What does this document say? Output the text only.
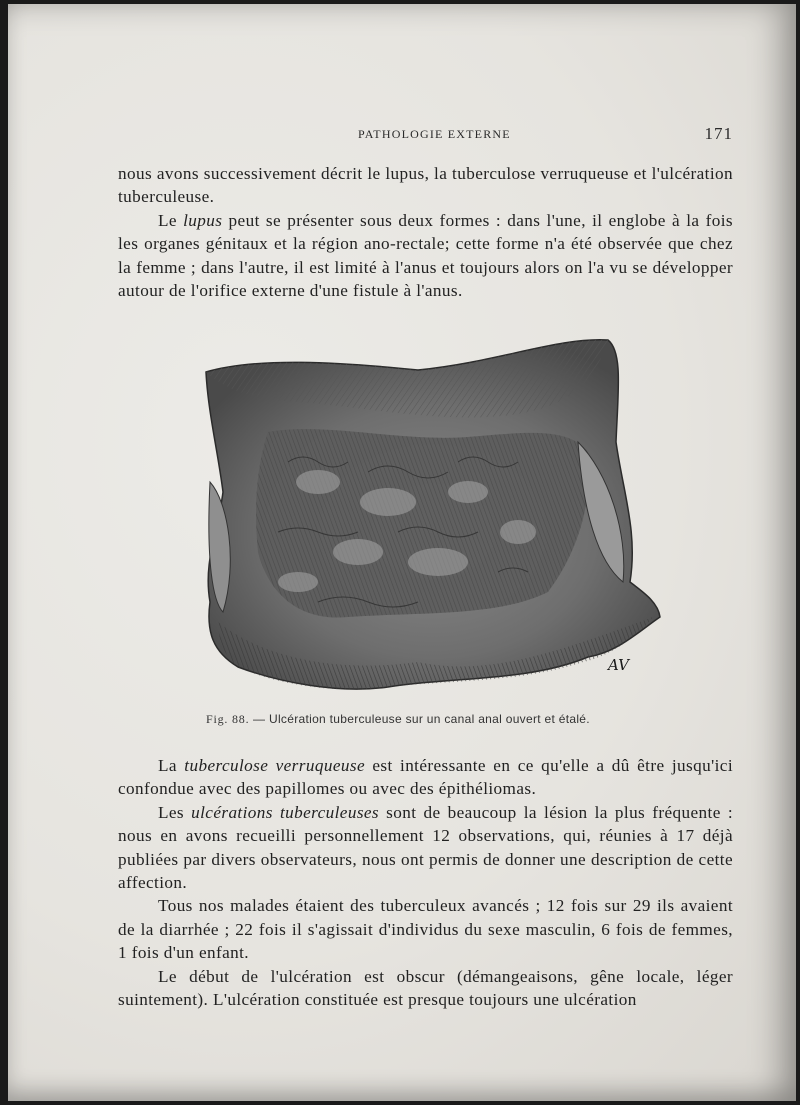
PATHOLOGIE EXTERNE	171

nous avons successivement décrit le lupus, la tuberculose verruqueuse et l'ulcération tuberculeuse.

Le lupus peut se présenter sous deux formes : dans l'une, il englobe à la fois les organes génitaux et la région ano-rectale; cette forme n'a été observée que chez la femme ; dans l'autre, il est limité à l'anus et toujours alors on l'a vu se développer autour de l'orifice externe d'une fistule à l'anus.

AV
Fig. 88. — Ulcération tuberculeuse sur un canal anal ouvert et étalé.

La tuberculose verruqueuse est intéressante en ce qu'elle a dû être jusqu'ici confondue avec des papillomes ou avec des épithéliomas.

Les ulcérations tuberculeuses sont de beaucoup la lésion la plus fréquente : nous en avons recueilli personnellement 12 observations, qui, réunies à 17 déjà publiées par divers observateurs, nous ont permis de donner une description de cette affection.

Tous nos malades étaient des tuberculeux avancés ; 12 fois sur 29 ils avaient de la diarrhée ; 22 fois il s'agissait d'individus du sexe masculin, 6 fois de femmes, 1 fois d'un enfant.

Le début de l'ulcération est obscur (démangeaisons, gêne locale, léger suintement). L'ulcération constituée est presque toujours une ulcération
